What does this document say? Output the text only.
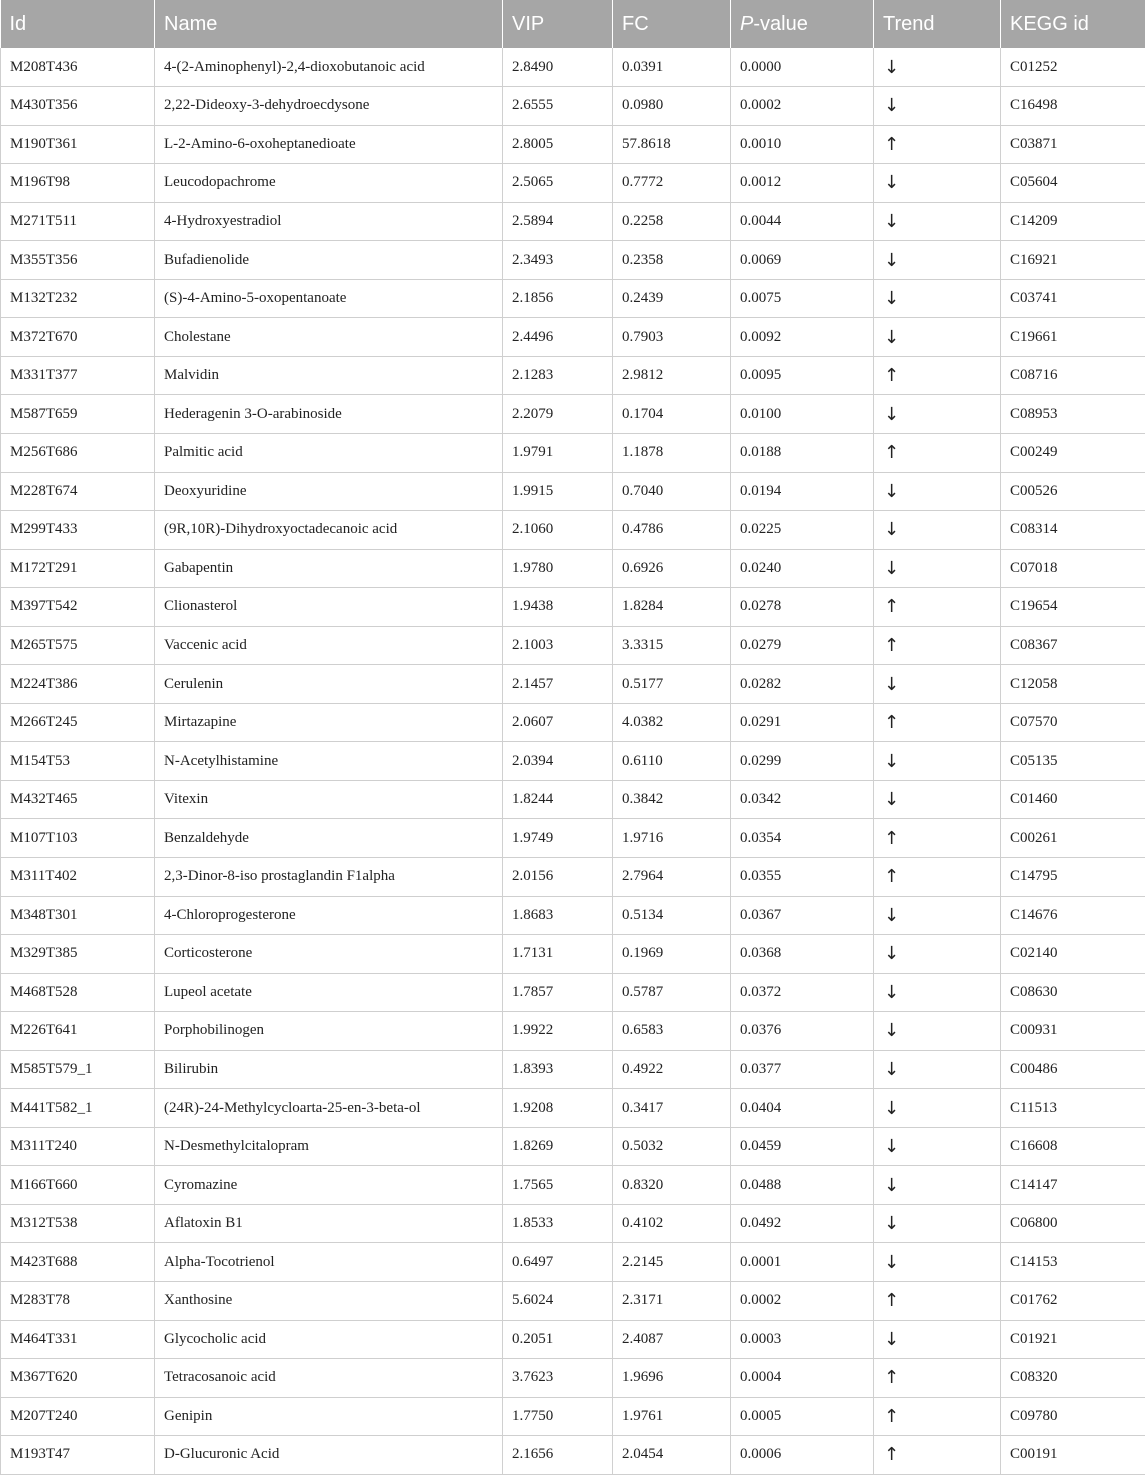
Id	Name	VIP	FC	P-value	Trend	KEGG id
M208T436	4-(2-Aminophenyl)-2,4-dioxobutanoic acid	2.8490	0.0391	0.0000	↓	C01252
M430T356	2,22-Dideoxy-3-dehydroecdysone	2.6555	0.0980	0.0002	↓	C16498
M190T361	L-2-Amino-6-oxoheptanedioate	2.8005	57.8618	0.0010	↑	C03871
M196T98	Leucodopachrome	2.5065	0.7772	0.0012	↓	C05604
M271T511	4-Hydroxyestradiol	2.5894	0.2258	0.0044	↓	C14209
M355T356	Bufadienolide	2.3493	0.2358	0.0069	↓	C16921
M132T232	(S)-4-Amino-5-oxopentanoate	2.1856	0.2439	0.0075	↓	C03741
M372T670	Cholestane	2.4496	0.7903	0.0092	↓	C19661
M331T377	Malvidin	2.1283	2.9812	0.0095	↑	C08716
M587T659	Hederagenin 3-O-arabinoside	2.2079	0.1704	0.0100	↓	C08953
M256T686	Palmitic acid	1.9791	1.1878	0.0188	↑	C00249
M228T674	Deoxyuridine	1.9915	0.7040	0.0194	↓	C00526
M299T433	(9R,10R)-Dihydroxyoctadecanoic acid	2.1060	0.4786	0.0225	↓	C08314
M172T291	Gabapentin	1.9780	0.6926	0.0240	↓	C07018
M397T542	Clionasterol	1.9438	1.8284	0.0278	↑	C19654
M265T575	Vaccenic acid	2.1003	3.3315	0.0279	↑	C08367
M224T386	Cerulenin	2.1457	0.5177	0.0282	↓	C12058
M266T245	Mirtazapine	2.0607	4.0382	0.0291	↑	C07570
M154T53	N-Acetylhistamine	2.0394	0.6110	0.0299	↓	C05135
M432T465	Vitexin	1.8244	0.3842	0.0342	↓	C01460
M107T103	Benzaldehyde	1.9749	1.9716	0.0354	↑	C00261
M311T402	2,3-Dinor-8-iso prostaglandin F1alpha	2.0156	2.7964	0.0355	↑	C14795
M348T301	4-Chloroprogesterone	1.8683	0.5134	0.0367	↓	C14676
M329T385	Corticosterone	1.7131	0.1969	0.0368	↓	C02140
M468T528	Lupeol acetate	1.7857	0.5787	0.0372	↓	C08630
M226T641	Porphobilinogen	1.9922	0.6583	0.0376	↓	C00931
M585T579_1	Bilirubin	1.8393	0.4922	0.0377	↓	C00486
M441T582_1	(24R)-24-Methylcycloarta-25-en-3-beta-ol	1.9208	0.3417	0.0404	↓	C11513
M311T240	N-Desmethylcitalopram	1.8269	0.5032	0.0459	↓	C16608
M166T660	Cyromazine	1.7565	0.8320	0.0488	↓	C14147
M312T538	Aflatoxin B1	1.8533	0.4102	0.0492	↓	C06800
M423T688	Alpha-Tocotrienol	0.6497	2.2145	0.0001	↓	C14153
M283T78	Xanthosine	5.6024	2.3171	0.0002	↑	C01762
M464T331	Glycocholic acid	0.2051	2.4087	0.0003	↓	C01921
M367T620	Tetracosanoic acid	3.7623	1.9696	0.0004	↑	C08320
M207T240	Genipin	1.7750	1.9761	0.0005	↑	C09780
M193T47	D-Glucuronic Acid	2.1656	2.0454	0.0006	↑	C00191
